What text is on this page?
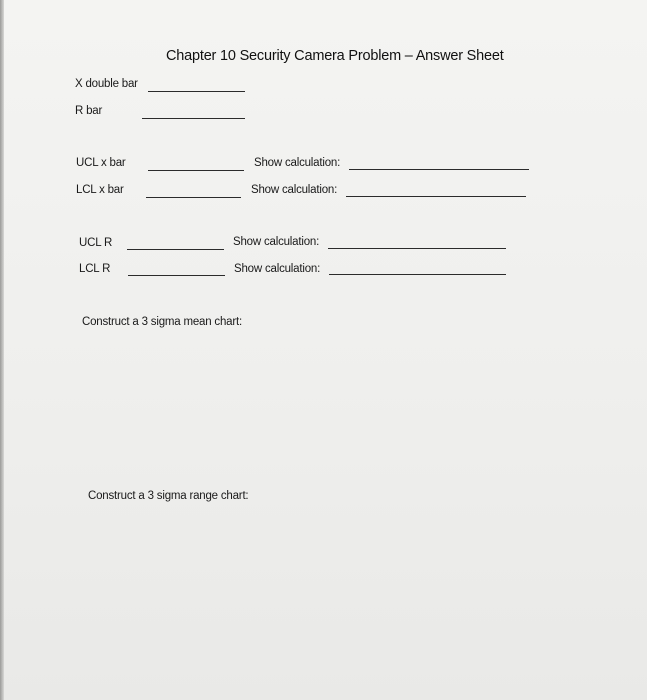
Chapter 10 Security Camera Problem – Answer Sheet
X double bar
R bar
UCL x bar	Show calculation:
LCL x bar	Show calculation:
UCL R	Show calculation:
LCL R	Show calculation:
Construct a 3 sigma mean chart:
Construct a 3 sigma range chart:
